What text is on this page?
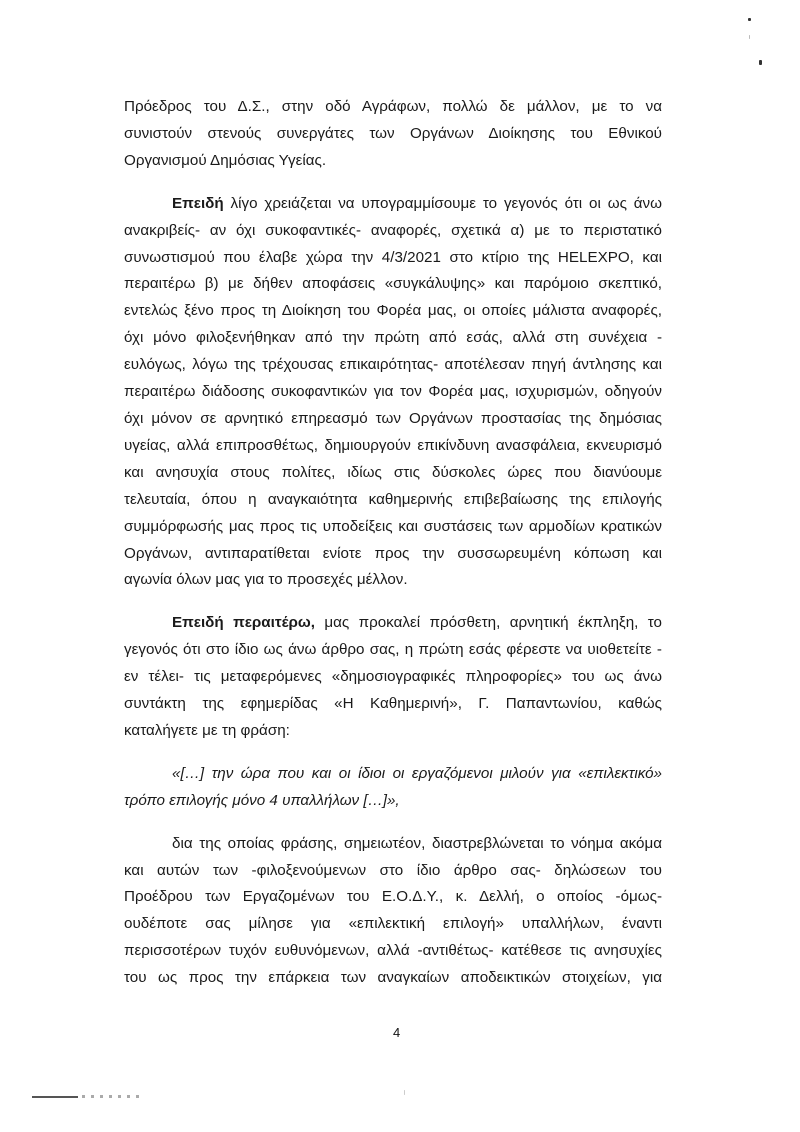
Πρόεδρος του Δ.Σ., στην οδό Αγράφων, πολλώ δε μάλλον, με το να
συνιστούν στενούς συνεργάτες των Οργάνων Διοίκησης του Εθνικού
Οργανισμού Δημόσιας Υγείας.

Επειδή λίγο χρειάζεται να υπογραμμίσουμε το γεγονός ότι οι ως άνω
ανακριβείς- αν όχι συκοφαντικές- αναφορές, σχετικά α) με το περιστατικό
συνωστισμού που έλαβε χώρα την 4/3/2021 στο κτίριο της HELEXPO, και
περαιτέρω β) με δήθεν αποφάσεις «συγκάλυψης» και παρόμοιο σκεπτικό,
εντελώς ξένο προς τη Διοίκηση του Φορέα μας, οι οποίες μάλιστα αναφορές,
όχι μόνο φιλοξενήθηκαν από την πρώτη από εσάς, αλλά στη συνέχεια -
ευλόγως, λόγω της τρέχουσας επικαιρότητας- αποτέλεσαν πηγή άντλησης και
περαιτέρω διάδοσης συκοφαντικών για τον Φορέα μας, ισχυρισμών, οδηγούν
όχι μόνον σε αρνητικό επηρεασμό των Οργάνων προστασίας της δημόσιας
υγείας, αλλά επιπροσθέτως, δημιουργούν επικίνδυνη ανασφάλεια, εκνευρισμό
και ανησυχία στους πολίτες, ιδίως στις δύσκολες ώρες που διανύουμε
τελευταία, όπου η αναγκαιότητα καθημερινής επιβεβαίωσης της επιλογής
συμμόρφωσής μας προς τις υποδείξεις και συστάσεις των αρμοδίων κρατικών
Οργάνων, αντιπαρατίθεται ενίοτε προς την συσσωρευμένη κόπωση και
αγωνία όλων μας για το προσεχές μέλλον.

Επειδή περαιτέρω, μας προκαλεί πρόσθετη, αρνητική έκπληξη, το
γεγονός ότι στο ίδιο ως άνω άρθρο σας, η πρώτη εσάς φέρεστε να υιοθετείτε -
εν τέλει- τις μεταφερόμενες «δημοσιογραφικές πληροφορίες» του ως άνω
συντάκτη της εφημερίδας «Η Καθημερινή», Γ. Παπαντωνίου, καθώς
καταλήγετε με τη φράση:

«[…] την ώρα που και οι ίδιοι οι εργαζόμενοι μιλούν για «επιλεκτικό»
τρόπο επιλογής μόνο 4 υπαλλήλων […]»,

δια της οποίας φράσης, σημειωτέον, διαστρεβλώνεται το νόημα ακόμα
και αυτών των -φιλοξενούμενων στο ίδιο άρθρο σας- δηλώσεων του
Προέδρου των Εργαζομένων του Ε.Ο.Δ.Υ., κ. Δελλή, ο οποίος -όμως-
ουδέποτε σας μίλησε για «επιλεκτική επιλογή» υπαλλήλων, έναντι
περισσοτέρων τυχόν ευθυνόμενων, αλλά -αντιθέτως- κατέθεσε τις ανησυχίες
του ως προς την επάρκεια των αναγκαίων αποδεικτικών στοιχείων, για

4
